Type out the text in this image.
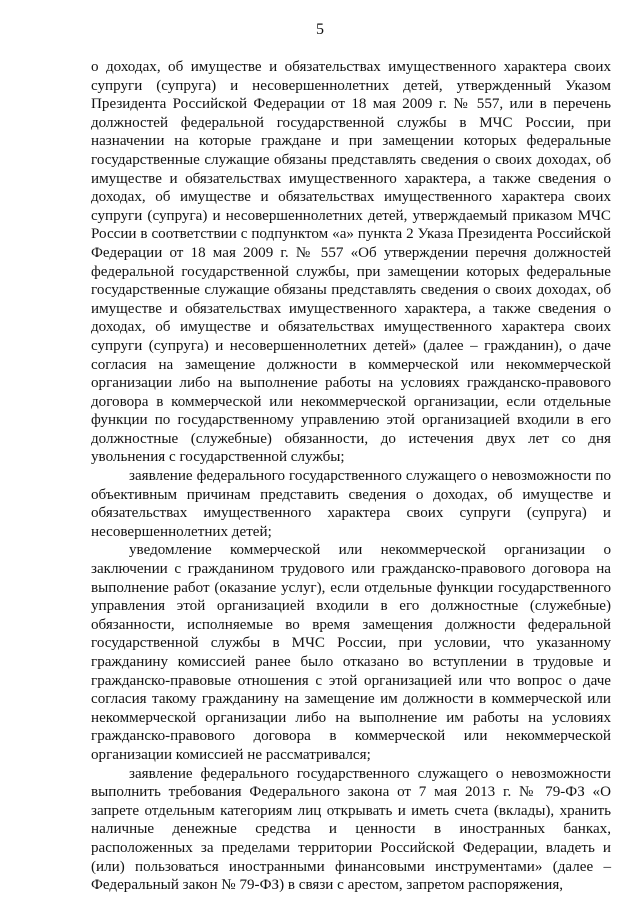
5

о доходах, об имуществе и обязательствах имущественного характера своих супруги (супруга) и несовершеннолетних детей, утвержденный Указом Президента Российской Федерации от 18 мая 2009 г. № 557, или в перечень должностей федеральной государственной службы в МЧС России, при назначении на которые граждане и при замещении которых федеральные государственные служащие обязаны представлять сведения о своих доходах, об имуществе и обязательствах имущественного характера, а также сведения о доходах, об имуществе и обязательствах имущественного характера своих супруги (супруга) и несовершеннолетних детей, утверждаемый приказом МЧС России в соответствии с подпунктом «а» пункта 2 Указа Президента Российской Федерации от 18 мая 2009 г. № 557 «Об утверждении перечня должностей федеральной государственной службы, при замещении которых федеральные государственные служащие обязаны представлять сведения о своих доходах, об имуществе и обязательствах имущественного характера, а также сведения о доходах, об имуществе и обязательствах имущественного характера своих супруги (супруга) и несовершеннолетних детей» (далее – гражданин), о даче согласия на замещение должности в коммерческой или некоммерческой организации либо на выполнение работы на условиях гражданско-правового договора в коммерческой или некоммерческой организации, если отдельные функции по государственному управлению этой организацией входили в его должностные (служебные) обязанности, до истечения двух лет со дня увольнения с государственной службы;

заявление федерального государственного служащего о невозможности по объективным причинам представить сведения о доходах, об имуществе и обязательствах имущественного характера своих супруги (супруга) и несовершеннолетних детей;

уведомление коммерческой или некоммерческой организации о заключении с гражданином трудового или гражданско-правового договора на выполнение работ (оказание услуг), если отдельные функции государственного управления этой организацией входили в его должностные (служебные) обязанности, исполняемые во время замещения должности федеральной государственной службы в МЧС России, при условии, что указанному гражданину комиссией ранее было отказано во вступлении в трудовые и гражданско-правовые отношения с этой организацией или что вопрос о даче согласия такому гражданину на замещение им должности в коммерческой или некоммерческой организации либо на выполнение им работы на условиях гражданско-правового договора в коммерческой или некоммерческой организации комиссией не рассматривался;

заявление федерального государственного служащего о невозможности выполнить требования Федерального закона от 7 мая 2013 г. № 79-ФЗ «О запрете отдельным категориям лиц открывать и иметь счета (вклады), хранить наличные денежные средства и ценности в иностранных банках, расположенных за пределами территории Российской Федерации, владеть и (или) пользоваться иностранными финансовыми инструментами» (далее – Федеральный закон № 79-ФЗ) в связи с арестом, запретом распоряжения,
